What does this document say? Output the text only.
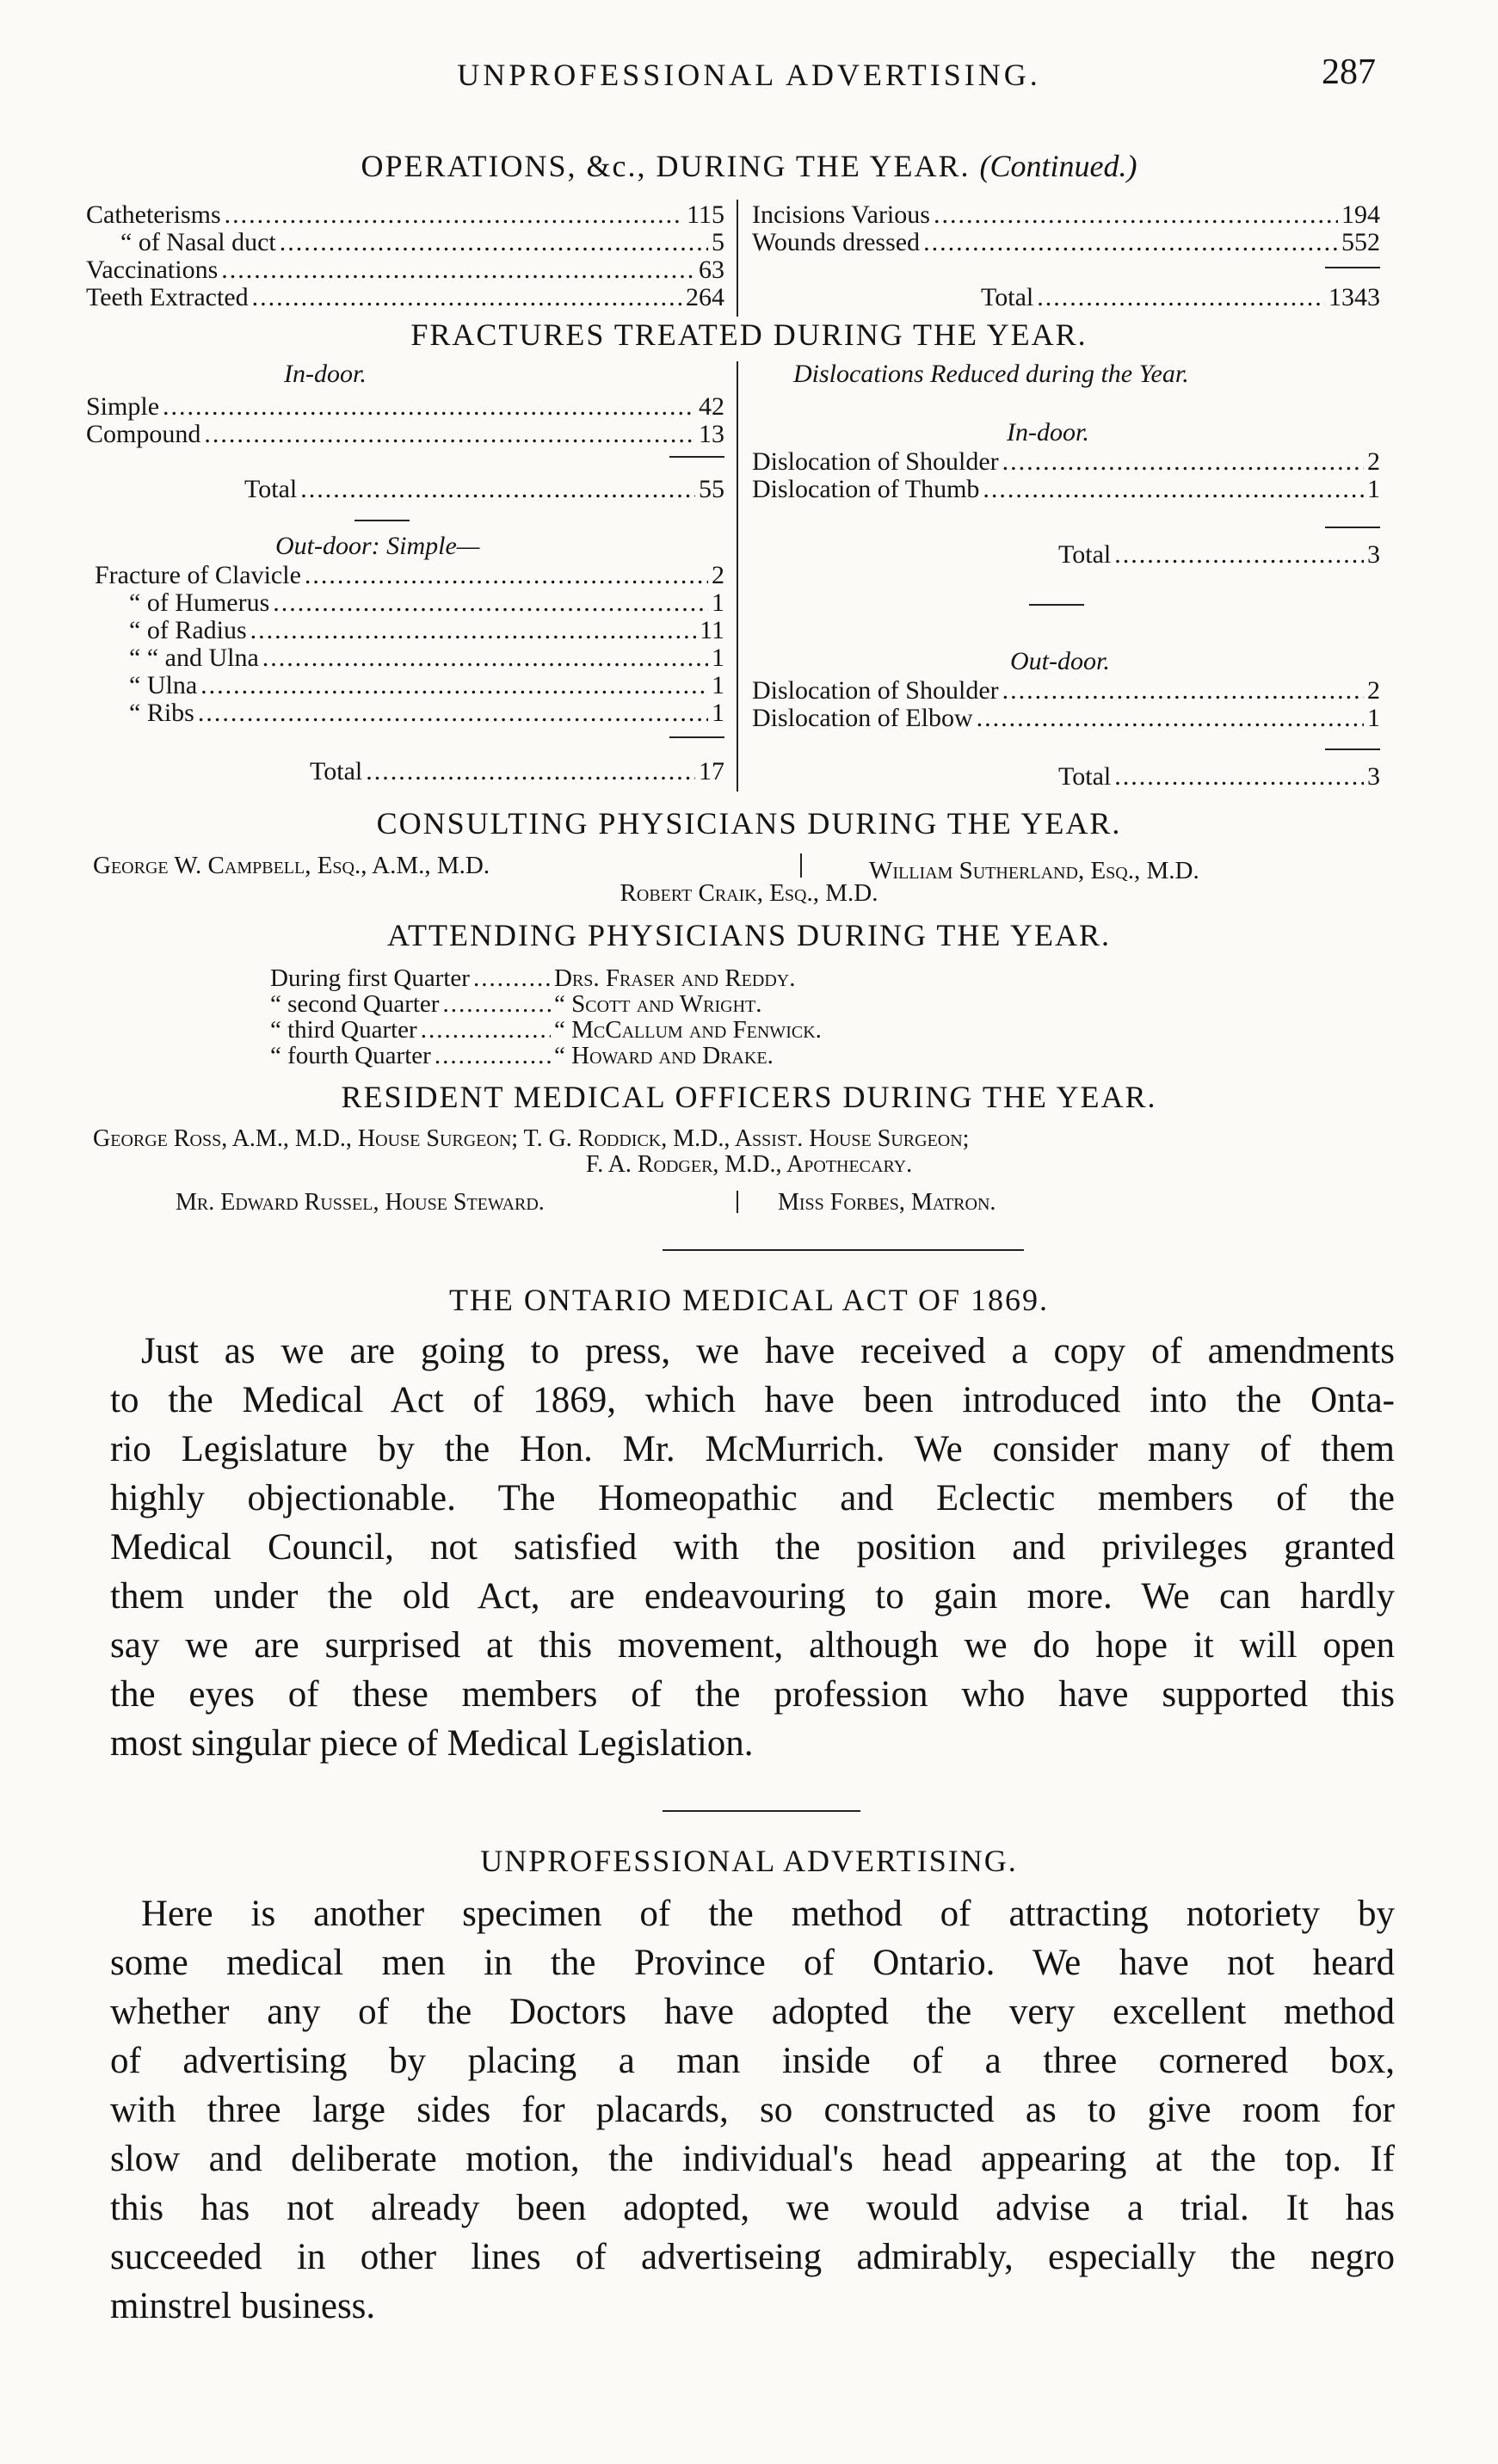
UNPROFESSIONAL ADVERTISING.	287
OPERATIONS, &c., DURING THE YEAR. (Continued.)
Catheterisms .....	115
“ of Nasal duct .....	5
Vaccinations .....	63
Teeth Extracted .....	264
Incisions Various .....	194
Wounds dressed .....	552
Total .....	1343
FRACTURES TREATED DURING THE YEAR.
In-door.
Simple .....	42
Compound .....	13
Total .....	55
Out-door: Simple—
Fracture of Clavicle .....	2
“ of Humerus .....	1
“ of Radius .....	11
“ “ and Ulna .....	1
“ Ulna .....	1
“ Ribs .....	1
Total .....	17
Dislocations Reduced during the Year.
In-door.
Dislocation of Shoulder .....	2
Dislocation of Thumb .....	1
Total .....	3
Out-door.
Dislocation of Shoulder .....	2
Dislocation of Elbow .....	1
Total .....	3
CONSULTING PHYSICIANS DURING THE YEAR.
George W. Campbell, Esq., A.M., M.D.	William Sutherland, Esq., M.D.
Robert Craik, Esq., M.D.
ATTENDING PHYSICIANS DURING THE YEAR.
During first Quarter .....	Drs. Fraser and Reddy.
“ second Quarter .....	“ Scott and Wright.
“ third Quarter .....	“ McCallum and Fenwick.
“ fourth Quarter .....	“ Howard and Drake.
RESIDENT MEDICAL OFFICERS DURING THE YEAR.
George Ross, A.M., M.D., House Surgeon; T. G. Roddick, M.D., Assist. House Surgeon;
F. A. Rodger, M.D., Apothecary.
Mr. Edward Russel, House Steward.	Miss Forbes, Matron.
THE ONTARIO MEDICAL ACT OF 1869.
Just as we are going to press, we have received a copy of amendments
to the Medical Act of 1869, which have been introduced into the Onta-
rio Legislature by the Hon. Mr. McMurrich. We consider many of them
highly objectionable. The Homeopathic and Eclectic members of the
Medical Council, not satisfied with the position and privileges granted
them under the old Act, are endeavouring to gain more. We can hardly
say we are surprised at this movement, although we do hope it will open
the eyes of these members of the profession who have supported this
most singular piece of Medical Legislation.
UNPROFESSIONAL ADVERTISING.
Here is another specimen of the method of attracting notoriety by
some medical men in the Province of Ontario. We have not heard
whether any of the Doctors have adopted the very excellent method
of advertising by placing a man inside of a three cornered box,
with three large sides for placards, so constructed as to give room for
slow and deliberate motion, the individual's head appearing at the top. If
this has not already been adopted, we would advise a trial. It has
succeeded in other lines of advertiseing admirably, especially the negro
minstrel business.
